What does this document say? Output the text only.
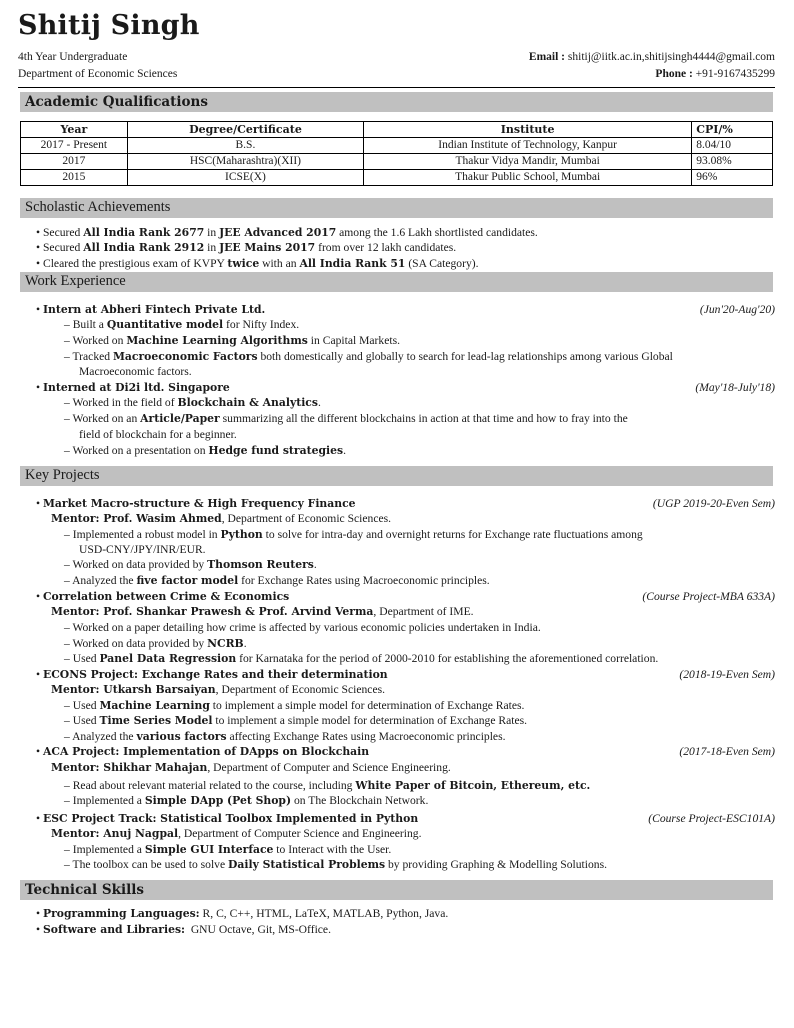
Shitij Singh
4th Year Undergraduate
Department of Economic Sciences
Email : shitij@iitk.ac.in,shitijsingh4444@gmail.com
Phone : +91-9167435299
Academic Qualifications
Year	Degree/Certificate	Institute	CPI/%
2017 - Present	B.S.	Indian Institute of Technology, Kanpur	8.04/10
2017	HSC(Maharashtra)(XII)	Thakur Vidya Mandir, Mumbai	93.08%
2015	ICSE(X)	Thakur Public School, Mumbai	96%
Scholastic Achievements
• Secured All India Rank 2677 in JEE Advanced 2017 among the 1.6 Lakh shortlisted candidates.
• Secured All India Rank 2912 in JEE Mains 2017 from over 12 lakh candidates.
• Cleared the prestigious exam of KVPY twice with an All India Rank 51 (SA Category).
Work Experience
• Intern at Abheri Fintech Private Ltd.	(Jun'20-Aug'20)
– Built a Quantitative model for Nifty Index.
– Worked on Machine Learning Algorithms in Capital Markets.
– Tracked Macroeconomic Factors both domestically and globally to search for lead-lag relationships among various Global
Macroeconomic factors.
• Interned at Di2i ltd. Singapore	(May'18-July'18)
– Worked in the field of Blockchain & Analytics.
– Worked on an Article/Paper summarizing all the different blockchains in action at that time and how to fray into the
field of blockchain for a beginner.
– Worked on a presentation on Hedge fund strategies.
Key Projects
• Market Macro-structure & High Frequency Finance	(UGP 2019-20-Even Sem)
Mentor: Prof. Wasim Ahmed, Department of Economic Sciences.
– Implemented a robust model in Python to solve for intra-day and overnight returns for Exchange rate fluctuations among
USD-CNY/JPY/INR/EUR.
– Worked on data provided by Thomson Reuters.
– Analyzed the five factor model for Exchange Rates using Macroeconomic principles.
• Correlation between Crime & Economics	(Course Project-MBA 633A)
Mentor: Prof. Shankar Prawesh & Prof. Arvind Verma, Department of IME.
– Worked on a paper detailing how crime is affected by various economic policies undertaken in India.
– Worked on data provided by NCRB.
– Used Panel Data Regression for Karnataka for the period of 2000-2010 for establishing the aforementioned correlation.
• ECONS Project: Exchange Rates and their determination	(2018-19-Even Sem)
Mentor: Utkarsh Barsaiyan, Department of Economic Sciences.
– Used Machine Learning to implement a simple model for determination of Exchange Rates.
– Used Time Series Model to implement a simple model for determination of Exchange Rates.
– Analyzed the various factors affecting Exchange Rates using Macroeconomic principles.
• ACA Project: Implementation of DApps on Blockchain	(2017-18-Even Sem)
Mentor: Shikhar Mahajan, Department of Computer and Science Engineering.
– Read about relevant material related to the course, including White Paper of Bitcoin, Ethereum, etc.
– Implemented a Simple DApp (Pet Shop) on The Blockchain Network.
• ESC Project Track: Statistical Toolbox Implemented in Python	(Course Project-ESC101A)
Mentor: Anuj Nagpal, Department of Computer Science and Engineering.
– Implemented a Simple GUI Interface to Interact with the User.
– The toolbox can be used to solve Daily Statistical Problems by providing Graphing & Modelling Solutions.
Technical Skills
• Programming Languages: R, C, C++, HTML, LaTeX, MATLAB, Python, Java.
• Software and Libraries:  GNU Octave, Git, MS-Office.
